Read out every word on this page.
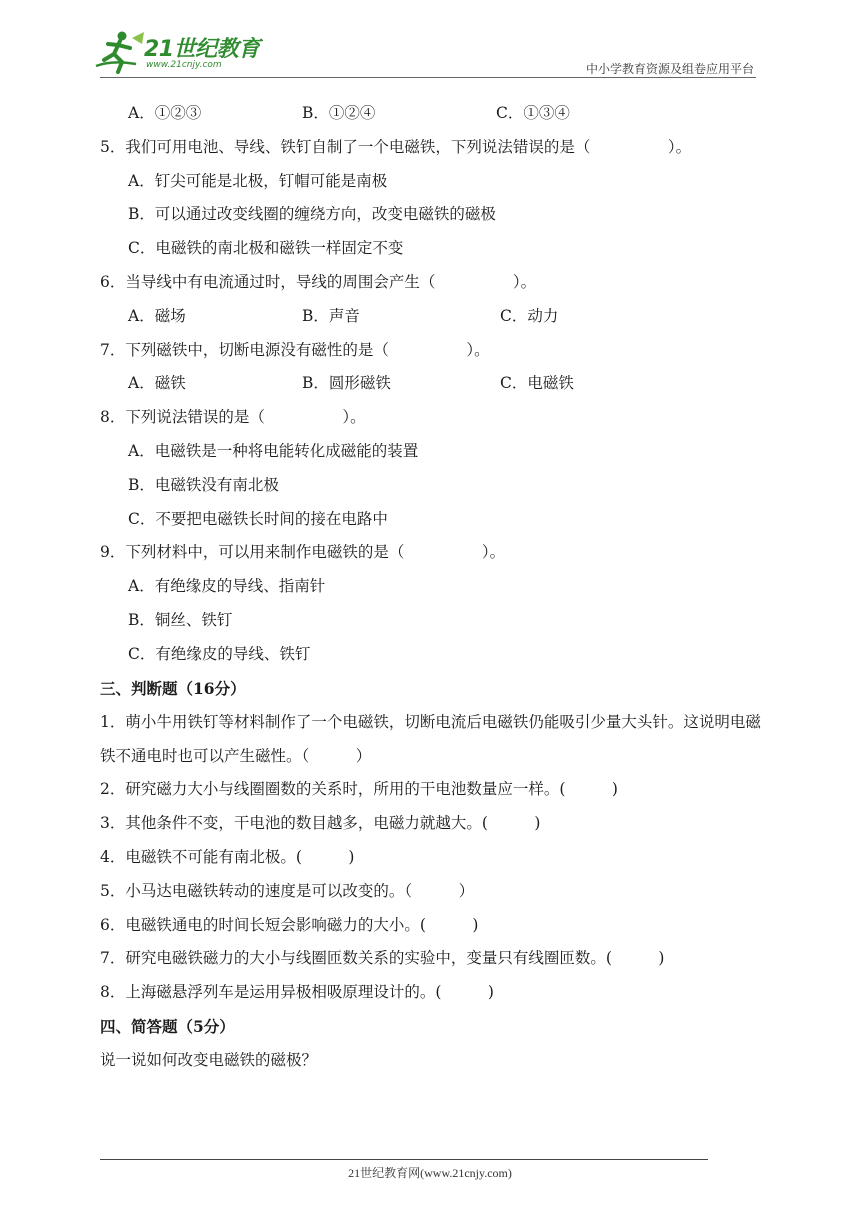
21世纪教育
www.21cnjy.com	中小学教育资源及组卷应用平台
A．①②③	B．①②④	C．①③④
5．我们可用电池、导线、铁钉自制了一个电磁铁，下列说法错误的是（　　　　　）。
A．钉尖可能是北极，钉帽可能是南极
B．可以通过改变线圈的缠绕方向，改变电磁铁的磁极
C．电磁铁的南北极和磁铁一样固定不变
6．当导线中有电流通过时，导线的周围会产生（　　　　　）。
A．磁场	B．声音	C．动力
7．下列磁铁中，切断电源没有磁性的是（　　　　　）。
A．磁铁	B．圆形磁铁	C．电磁铁
8．下列说法错误的是（　　　　　）。
A．电磁铁是一种将电能转化成磁能的装置
B．电磁铁没有南北极
C．不要把电磁铁长时间的接在电路中
9．下列材料中，可以用来制作电磁铁的是（　　　　　）。
A．有绝缘皮的导线、指南针
B．铜丝、铁钉
C．有绝缘皮的导线、铁钉
三、判断题（16分）
1．萌小牛用铁钉等材料制作了一个电磁铁，切断电流后电磁铁仍能吸引少量大头针。这说明电磁铁不通电时也可以产生磁性。（　　　）
2．研究磁力大小与线圈圈数的关系时，所用的干电池数量应一样。(　　　)
3．其他条件不变，干电池的数目越多，电磁力就越大。(　　　)
4．电磁铁不可能有南北极。(　　　)
5．小马达电磁铁转动的速度是可以改变的。（　　　）
6．电磁铁通电的时间长短会影响磁力的大小。(　　　)
7．研究电磁铁磁力的大小与线圈匝数关系的实验中，变量只有线圈匝数。(　　　)
8．上海磁悬浮列车是运用异极相吸原理设计的。(　　　)
四、简答题（5分）
说一说如何改变电磁铁的磁极？
21世纪教育网(www.21cnjy.com)
